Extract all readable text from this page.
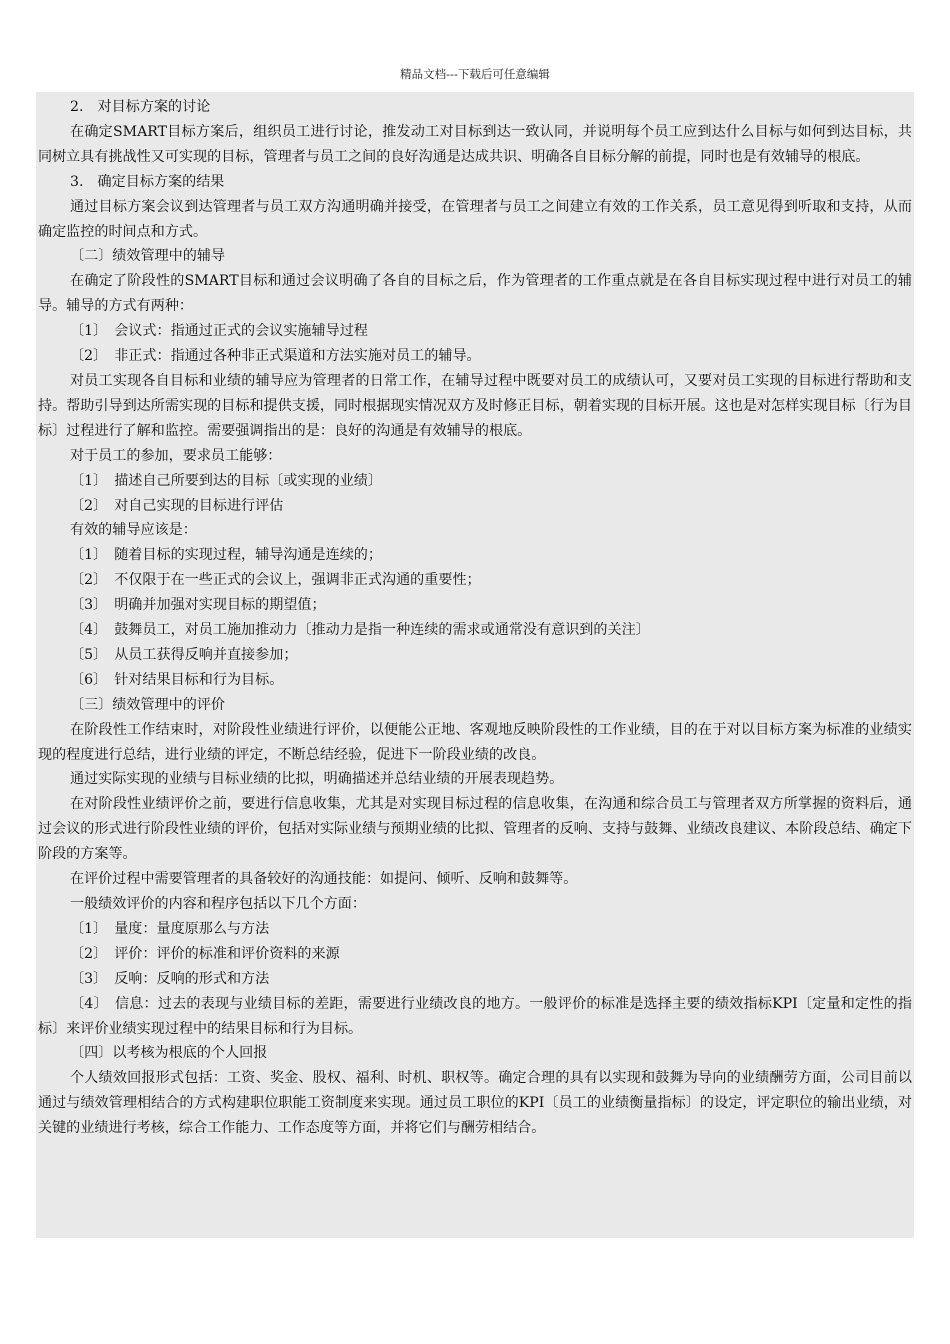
精品文档---下载后可任意编辑

2.　对目标方案的讨论

在确定SMART目标方案后，组织员工进行讨论，推发动工对目标到达一致认同，并说明每个员工应到达什么目标与如何到达目标，共同树立具有挑战性又可实现的目标，管理者与员工之间的良好沟通是达成共识、明确各自目标分解的前提，同时也是有效辅导的根底。

3.　确定目标方案的结果

通过目标方案会议到达管理者与员工双方沟通明确并接受，在管理者与员工之间建立有效的工作关系，员工意见得到听取和支持，从而确定监控的时间点和方式。

〔二〕绩效管理中的辅导

在确定了阶段性的SMART目标和通过会议明确了各自的目标之后，作为管理者的工作重点就是在各自目标实现过程中进行对员工的辅导。辅导的方式有两种：

〔1〕　会议式：指通过正式的会议实施辅导过程

〔2〕　非正式：指通过各种非正式渠道和方法实施对员工的辅导。

对员工实现各自目标和业绩的辅导应为管理者的日常工作，在辅导过程中既要对员工的成绩认可，又要对员工实现的目标进行帮助和支持。帮助引导到达所需实现的目标和提供支援，同时根据现实情况双方及时修正目标，朝着实现的目标开展。这也是对怎样实现目标〔行为目标〕过程进行了解和监控。需要强调指出的是：良好的沟通是有效辅导的根底。

对于员工的参加，要求员工能够：

〔1〕　描述自己所要到达的目标〔或实现的业绩〕

〔2〕　对自己实现的目标进行评估

有效的辅导应该是：

〔1〕　随着目标的实现过程，辅导沟通是连续的；

〔2〕　不仅限于在一些正式的会议上，强调非正式沟通的重要性；

〔3〕　明确并加强对实现目标的期望值；

〔4〕　鼓舞员工，对员工施加推动力〔推动力是指一种连续的需求或通常没有意识到的关注〕

〔5〕　从员工获得反响并直接参加；

〔6〕　针对结果目标和行为目标。

〔三〕绩效管理中的评价

在阶段性工作结束时，对阶段性业绩进行评价，以便能公正地、客观地反映阶段性的工作业绩，目的在于对以目标方案为标准的业绩实现的程度进行总结，进行业绩的评定，不断总结经验，促进下一阶段业绩的改良。

通过实际实现的业绩与目标业绩的比拟，明确描述并总结业绩的开展表现趋势。

在对阶段性业绩评价之前，要进行信息收集，尤其是对实现目标过程的信息收集，在沟通和综合员工与管理者双方所掌握的资料后，通过会议的形式进行阶段性业绩的评价，包括对实际业绩与预期业绩的比拟、管理者的反响、支持与鼓舞、业绩改良建议、本阶段总结、确定下阶段的方案等。

在评价过程中需要管理者的具备较好的沟通技能：如提问、倾听、反响和鼓舞等。

一般绩效评价的内容和程序包括以下几个方面：

〔1〕　量度：量度原那么与方法

〔2〕　评价：评价的标准和评价资料的来源

〔3〕　反响：反响的形式和方法

〔4〕　信息：过去的表现与业绩目标的差距，需要进行业绩改良的地方。一般评价的标准是选择主要的绩效指标KPI〔定量和定性的指标〕来评价业绩实现过程中的结果目标和行为目标。

〔四〕以考核为根底的个人回报

个人绩效回报形式包括：工资、奖金、股权、福利、时机、职权等。确定合理的具有以实现和鼓舞为导向的业绩酬劳方面，公司目前以通过与绩效管理相结合的方式构建职位职能工资制度来实现。通过员工职位的KPI〔员工的业绩衡量指标〕的设定，评定职位的输出业绩，对关键的业绩进行考核，综合工作能力、工作态度等方面，并将它们与酬劳相结合。
